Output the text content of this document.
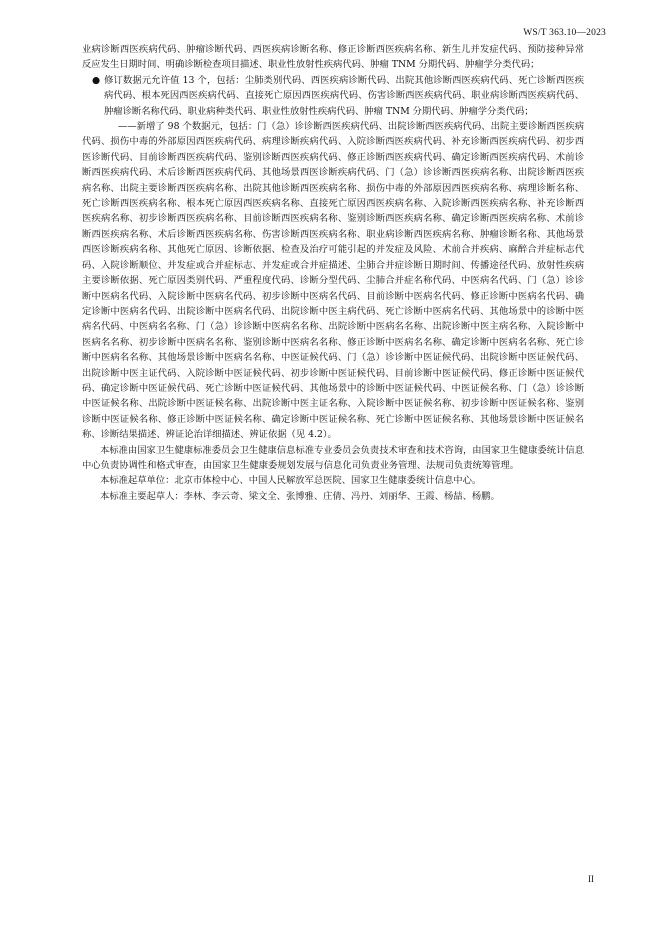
WS/T 363.10—2023

业病诊断西医疾病代码、肿瘤诊断代码、西医疾病诊断名称、修正诊断西医疾病名称、新生儿并发症代码、预防接种异常反应发生日期时间、明确诊断检查项目描述、职业性放射性疾病代码、肿瘤 TNM 分期代码、肿瘤学分类代码；

● 修订数据元允许值 13 个，包括：尘肺类别代码、西医疾病诊断代码、出院其他诊断西医疾病代码、死亡诊断西医疾病代码、根本死因西医疾病代码、直接死亡原因西医疾病代码、伤害诊断西医疾病代码、职业病诊断西医疾病代码、肿瘤诊断名称代码、职业病种类代码、职业性放射性疾病代码、肿瘤 TNM 分期代码、肿瘤学分类代码；

——新增了 98 个数据元，包括：门（急）诊诊断西医疾病代码、出院诊断西医疾病代码、出院主要诊断西医疾病代码、损伤中毒的外部原因西医疾病代码、病理诊断疾病代码、入院诊断西医疾病代码、补充诊断西医疾病代码、初步西医诊断代码、目前诊断西医疾病代码、鉴别诊断西医疾病代码、修正诊断西医疾病代码、确定诊断西医疾病代码、术前诊断西医疾病代码、术后诊断西医疾病代码、其他场景西医诊断疾病代码、门（急）诊诊断西医疾病名称、出院诊断西医疾病名称、出院主要诊断西医疾病名称、出院其他诊断西医疾病名称、损伤中毒的外部原因西医疾病名称、病理诊断名称、死亡诊断西医疾病名称、根本死亡原因西医疾病名称、直接死亡原因西医疾病名称、入院诊断西医疾病名称、补充诊断西医疾病名称、初步诊断西医疾病名称、目前诊断西医疾病名称、鉴别诊断西医疾病名称、确定诊断西医疾病名称、术前诊断西医疾病名称、术后诊断西医疾病名称、伤害诊断西医疾病名称、职业病诊断西医疾病名称、肿瘤诊断名称、其他场景西医诊断疾病名称、其他死亡原因、诊断依据、检查及治疗可能引起的并发症及风险、术前合并疾病、麻醉合并症标志代码、入院诊断顺位、并发症或合并症标志、并发症或合并症描述、尘肺合并症诊断日期时间、传播途径代码、放射性疾病主要诊断依据、死亡原因类别代码、严重程度代码、诊断分型代码、尘肺合并症名称代码、中医病名代码、门（急）诊诊断中医病名代码、入院诊断中医病名代码、初步诊断中医病名代码、目前诊断中医病名代码、修正诊断中医病名代码、确定诊断中医病名代码、出院诊断中医病名代码、出院诊断中医主病代码、死亡诊断中医病名代码、其他场景中的诊断中医病名代码、中医病名名称、门（急）诊诊断中医病名名称、出院诊断中医病名名称、出院诊断中医主病名称、入院诊断中医病名名称、初步诊断中医病名名称、鉴别诊断中医病名名称、修正诊断中医病名名称、确定诊断中医病名名称、死亡诊断中医病名名称、其他场景诊断中医病名名称、中医证候代码、门（急）诊诊断中医证候代码、出院诊断中医证候代码、出院诊断中医主证代码、入院诊断中医证候代码、初步诊断中医证候代码、目前诊断中医证候代码、修正诊断中医证候代码、确定诊断中医证候代码、死亡诊断中医证候代码、其他场景中的诊断中医证候代码、中医证候名称、门（急）诊诊断中医证候名称、出院诊断中医证候名称、出院诊断中医主证名称、入院诊断中医证候名称、初步诊断中医证候名称、鉴别诊断中医证候名称、修正诊断中医证候名称、确定诊断中医证候名称、死亡诊断中医证候名称、其他场景诊断中医证候名称、诊断结果描述、辨证论治详细描述、辨证依据（见 4.2）。

本标准由国家卫生健康标准委员会卫生健康信息标准专业委员会负责技术审查和技术咨询，由国家卫生健康委统计信息中心负责协调性和格式审查，由国家卫生健康委规划发展与信息化司负责业务管理、法规司负责统筹管理。

本标准起草单位：北京市体检中心、中国人民解放军总医院、国家卫生健康委统计信息中心。

本标准主要起草人：李林、李云奇、梁文全、张博雅、庄倩、冯丹、刘丽华、王霞、杨喆、杨鹏。

II
